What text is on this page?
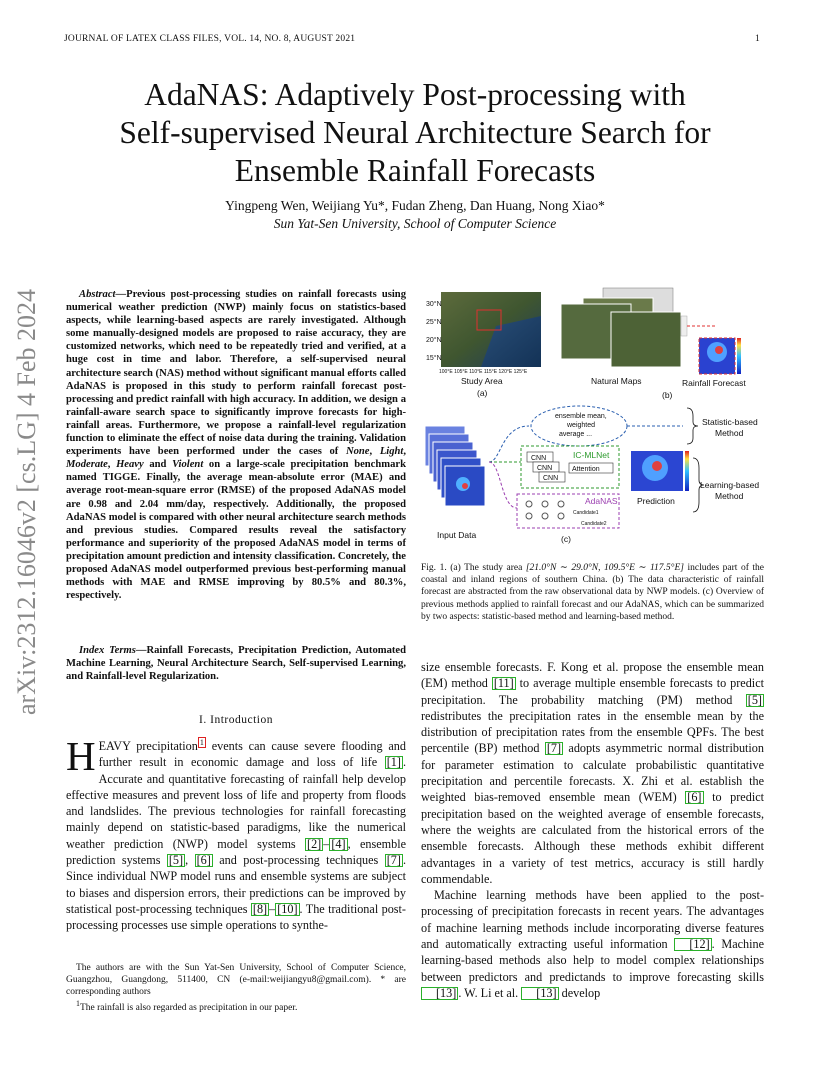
JOURNAL OF LATEX CLASS FILES, VOL. 14, NO. 8, AUGUST 2021	1
arXiv:2312.16046v2 [cs.LG] 4 Feb 2024
AdaNAS: Adaptively Post-processing with
Self-supervised Neural Architecture Search for
Ensemble Rainfall Forecasts
Yingpeng Wen, Weijiang Yu*, Fudan Zheng, Dan Huang, Nong Xiao*
Sun Yat-Sen University, School of Computer Science
Abstract—Previous post-processing studies on rainfall forecasts using numerical weather prediction (NWP) mainly focus on statistics-based aspects, while learning-based aspects are rarely investigated. Although some manually-designed models are proposed to raise accuracy, they are customized networks, which need to be repeatedly tried and verified, at a huge cost in time and labor. Therefore, a self-supervised neural architecture search (NAS) method without significant manual efforts called AdaNAS is proposed in this study to perform rainfall forecast post-processing and predict rainfall with high accuracy. In addition, we design a rainfall-aware search space to significantly improve forecasts for high-rainfall areas. Furthermore, we propose a rainfall-level regularization function to eliminate the effect of noise data during the training. Validation experiments have been performed under the cases of None, Light, Moderate, Heavy and Violent on a large-scale precipitation benchmark named TIGGE. Finally, the average mean-absolute error (MAE) and average root-mean-square error (RMSE) of the proposed AdaNAS model are 0.98 and 2.04 mm/day, respectively. Additionally, the proposed AdaNAS model is compared with other neural architecture search methods and previous studies. Compared results reveal the satisfactory performance and superiority of the proposed AdaNAS model in terms of precipitation amount prediction and intensity classification. Concretely, the proposed AdaNAS model outperformed previous best-performing manual methods with MAE and RMSE improving by 80.5% and 80.3%, respectively.
Index Terms—Rainfall Forecasts, Precipitation Prediction, Automated Machine Learning, Neural Architecture Search, Self-supervised Learning, and Rainfall-level Regularization.
I. Introduction
HEAVY precipitation $^1$ events can cause severe flooding and further result in economic damage and loss of life [1] . Accurate and quantitative forecasting of rainfall help develop effective measures and prevent loss of life and property from floods and landslides. The previous technologies for rainfall forecasting mainly depend on statistic-based paradigms, like the numerical weather prediction (NWP) model systems [2] – [4] , ensemble prediction systems [5] , [6] and post-processing techniques [7] . Since individual NWP model runs and ensemble systems are subject to biases and dispersion errors, their predictions can be improved by statistical post-processing techniques [8] – [10] . The traditional post-processing processes use simple operations to synthe-
The authors are with the Sun Yat-Sen University, School of Computer Science, Guangzhou, Guangdong, 511400, CN (e-mail:weijiangyu8@gmail.com). * are corresponding authors
$^1$The rainfall is also regarded as precipitation in our paper.
30°N
25°N
20°N
15°N
100°E 105°E 110°E 115°E 120°E 125°E
Study Area
(a)
Natural Maps
(b)
Rainfall Forecast
Input Data
ensemble mean,
weighted
average ...
Statistic-based
Method
CNN
CNN
CNN
IC-MLNet
Attention
AdaNAS
Candidate1
Candidate2
(c)
Prediction
Learning-based
Method
Fig. 1. (a) The study area [21.0°N ∼ 29.0°N, 109.5°E ∼ 117.5°E] includes part of the coastal and inland regions of southern China. (b) The data characteristic of rainfall forecast are abstracted from the raw observational data by NWP models. (c) Overview of previous methods applied to rainfall forecast and our AdaNAS, which can be summarized by two aspects: statistic-based method and learning-based method.

size ensemble forecasts. F. Kong et al. propose the ensemble mean (EM) method [11] to average multiple ensemble forecasts to predict precipitation. The probability matching (PM) method [5] redistributes the precipitation rates in the ensemble mean by the distribution of precipitation rates from the ensemble QPFs. The best percentile (BP) method [7] adopts asymmetric normal distribution for parameter estimation to calculate probabilistic quantitative precipitation and percentile forecasts. X. Zhi et al. establish the weighted bias-removed ensemble mean (WEM) [6] to predict precipitation based on the weighted average of ensemble forecasts, where the weights are calculated from the historical errors of the ensemble forecasts. Although these methods exhibit different advantages in a variety of test metrics, accuracy is still hardly commendable.

Machine learning methods have been applied to the post-processing of precipitation forecasts in recent years. The advantages of machine learning methods include incorporating diverse features and automatically extracting useful information [12] . Machine learning-based methods also help to model complex relationships between predictors and predictands to improve forecasting skills [13] . W. Li et al. [13] develop
